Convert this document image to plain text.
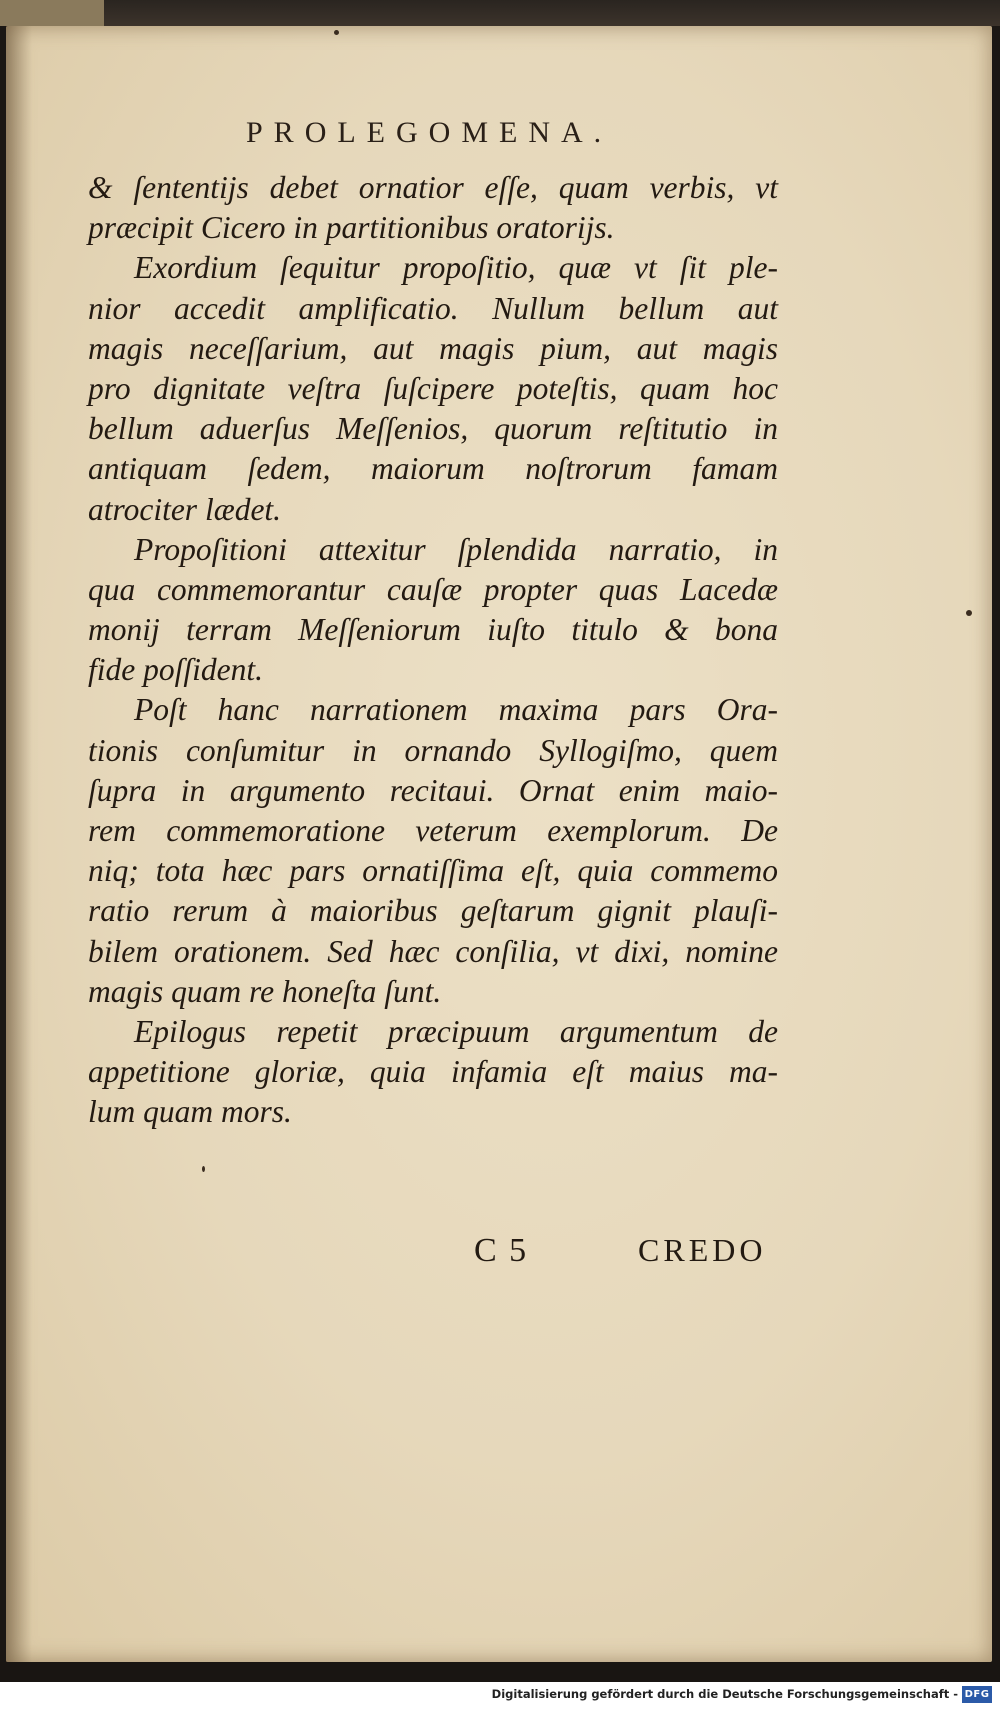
PROLEGOMENA.
& ſententijs debet ornatior eſſe, quam verbis, vt
præcipit Cicero in partitionibus oratorijs.
Exordium ſequitur propoſitio, quæ vt ſit ple-
nior accedit amplificatio. Nullum bellum aut
magis neceſſarium, aut magis pium, aut magis
pro dignitate veſtra ſuſcipere poteſtis, quam hoc
bellum aduerſus Meſſenios, quorum reſtitutio in
antiquam ſedem, maiorum noſtrorum famam
atrociter lædet.
Propoſitioni attexitur ſplendida narratio, in
qua commemorantur cauſæ propter quas Lacedæ
monij terram Meſſeniorum iuſto titulo & bona
fide poſſident.
Poſt hanc narrationem maxima pars Ora-
tionis conſumitur in ornando Syllogiſmo, quem
ſupra in argumento recitaui. Ornat enim maio-
rem commemoratione veterum exemplorum. De
niq; tota hæc pars ornatiſſima eſt, quia commemo
ratio rerum à maioribus geſtarum gignit plauſi-
bilem orationem. Sed hæc conſilia, vt dixi, nomine
magis quam re honeſta ſunt.
Epilogus repetit præcipuum argumentum de
appetitione gloriæ, quia infamia eſt maius ma-
lum quam mors.
C 5	CREDO
Digitalisierung gefördert durch die Deutsche Forschungsgemeinschaft - DFG
